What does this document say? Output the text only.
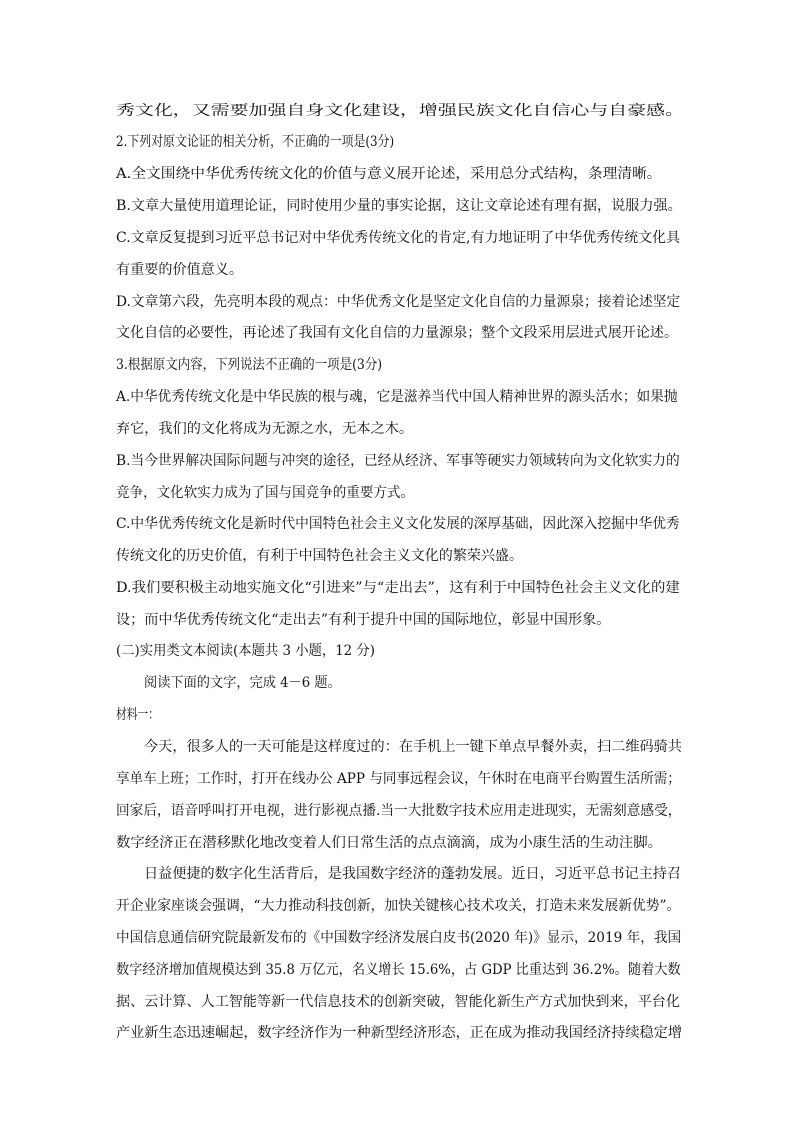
秀文化，又需要加强自身文化建设，增强民族文化自信心与自豪感。
2.下列对原文论证的相关分析，不正确的一项是(3分)
A.全文围绕中华优秀传统文化的价值与意义展开论述，采用总分式结构，条理清晰。
B.文章大量使用道理论证，同时使用少量的事实论据，这让文章论述有理有据，说服力强。
C.文章反复提到习近平总书记对中华优秀传统文化的肯定,有力地证明了中华优秀传统文化具
有重要的价值意义。
D.文章第六段，先亮明本段的观点：中华优秀文化是坚定文化自信的力量源泉；接着论述坚定
文化自信的必要性，再论述了我国有文化自信的力量源泉；整个文段采用层进式展开论述。
3.根据原文内容，下列说法不正确的一项是(3分)
A.中华优秀传统文化是中华民族的根与魂，它是滋养当代中国人精神世界的源头活水；如果抛
弃它，我们的文化将成为无源之水，无本之木。
B.当今世界解决国际问题与冲突的途径，已经从经济、军事等硬实力领域转向为文化软实力的
竞争，文化软实力成为了国与国竞争的重要方式。
C.中华优秀传统文化是新时代中国特色社会主义文化发展的深厚基础，因此深入挖掘中华优秀
传统文化的历史价值，有利于中国特色社会主义文化的繁荣兴盛。
D.我们要积极主动地实施文化“引进来”与“走出去”，这有利于中国特色社会主义文化的建
设；而中华优秀传统文化“走出去”有利于提升中国的国际地位，彰显中国形象。
(二)实用类文本阅读(本题共 3 小题，12 分)
阅读下面的文字，完成 4－6 题。
材料一：
今天，很多人的一天可能是这样度过的：在手机上一键下单点早餐外卖，扫二维码骑共
享单车上班；工作时，打开在线办公 APP 与同事远程会议，午休时在电商平台购置生活所需；
回家后，语音呼叫打开电视，进行影视点播.当一大批数字技术应用走进现实，无需刻意感受，
数字经济正在潜移默化地改变着人们日常生活的点点滴滴，成为小康生活的生动注脚。
日益便捷的数字化生活背后，是我国数字经济的蓬勃发展。近日，习近平总书记主持召
开企业家座谈会强调，“大力推动科技创新，加快关键核心技术攻关，打造未来发展新优势”。
中国信息通信研究院最新发布的《中国数字经济发展白皮书(2020 年)》显示，2019 年，我国
数字经济增加值规模达到 35.8 万亿元，名义增长 15.6%，占 GDP 比重达到 36.2%。随着大数
据、云计算、人工智能等新一代信息技术的创新突破，智能化新生产方式加快到来，平台化
产业新生态迅速崛起，数字经济作为一种新型经济形态，正在成为推动我国经济持续稳定增
